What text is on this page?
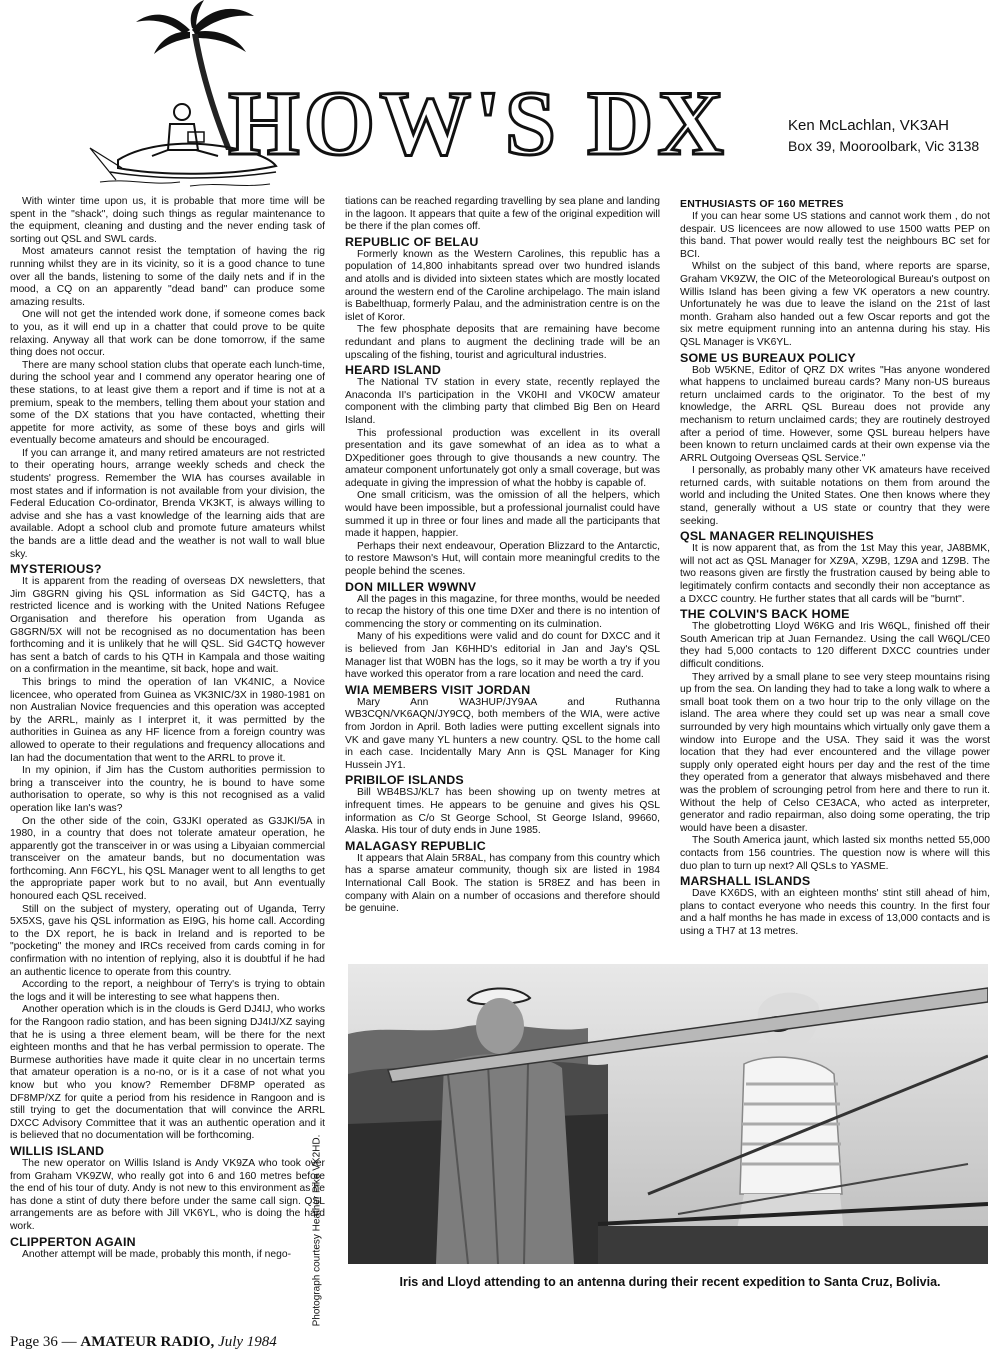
HOW'S DX	Ken McLachlan, VK3AH
Box 39, Mooroolbark, Vic 3138

With winter time upon us, it is probable that more time will be spent in the "shack", doing such things as regular maintenance to the equipment, cleaning and dusting and the never ending task of sorting out QSL and SWL cards.

Most amateurs cannot resist the temptation of having the rig running whilst they are in its vicinity, so it is a good chance to tune over all the bands, listening to some of the daily nets and if in the mood, a CQ on an apparently "dead band" can produce some amazing results.

One will not get the intended work done, if someone comes back to you, as it will end up in a chatter that could prove to be quite relaxing. Anyway all that work can be done tomorrow, if the same thing does not occur.

There are many school station clubs that operate each lunch-time, during the school year and I commend any operator hearing one of these stations, to at least give them a report and if time is not at a premium, speak to the members, telling them about your station and some of the DX stations that you have contacted, whetting their appetite for more activity, as some of these boys and girls will eventually become amateurs and should be encouraged.

If you can arrange it, and many retired amateurs are not restricted to their operating hours, arrange weekly scheds and check the students' progress. Remember the WIA has courses available in most states and if information is not available from your division, the Federal Education Co-ordinator, Brenda VK3KT, is always willing to advise and she has a vast knowledge of the learning aids that are available. Adopt a school club and promote future amateurs whilst the bands are a little dead and the weather is not wall to wall blue sky.

MYSTERIOUS?

It is apparent from the reading of overseas DX newsletters, that Jim G8GRN giving his QSL information as Sid G4CTQ, has a restricted licence and is working with the United Nations Refugee Organisation and therefore his operation from Uganda as G8GRN/5X will not be recognised as no documentation has been forthcoming and it is unlikely that he will QSL. Sid G4CTQ however has sent a batch of cards to his QTH in Kampala and those waiting on a confirmation in the meantime, sit back, hope and wait.

This brings to mind the operation of Ian VK4NIC, a Novice licencee, who operated from Guinea as VK3NIC/3X in 1980-1981 on non Australian Novice frequencies and this operation was accepted by the ARRL, mainly as I interpret it, it was permitted by the authorities in Guinea as any HF licence from a foreign country was allowed to operate to their regulations and frequency allocations and Ian had the documentation that went to the ARRL to prove it.

In my opinion, if Jim has the Custom authorities permission to bring a transceiver into the country, he is bound to have some authorisation to operate, so why is this not recognised as a valid operation like Ian's was?

On the other side of the coin, G3JKI operated as G3JKI/5A in 1980, in a country that does not tolerate amateur operation, he apparently got the transceiver in or was using a Libyaian commercial transceiver on the amateur bands, but no documentation was forthcoming. Ann F6CYL, his QSL Manager went to all lengths to get the appropriate paper work but to no avail, but Ann eventually honoured each QSL received.

Still on the subject of mystery, operating out of Uganda, Terry 5X5XS, gave his QSL information as EI9G, his home call. According to the DX report, he is back in Ireland and is reported to be "pocketing" the money and IRCs received from cards coming in for confirmation with no intention of replying, also it is doubtful if he had an authentic licence to operate from this country.

According to the report, a neighbour of Terry's is trying to obtain the logs and it will be interesting to see what happens then.

Another operation which is in the clouds is Gerd DJ4IJ, who works for the Rangoon radio station, and has been signing DJ4IJ/XZ saying that he is using a three element beam, will be there for the next eighteen months and that he has verbal permission to operate. The Burmese authorities have made it quite clear in no uncertain terms that amateur operation is a no-no, or is it a case of not what you know but who you know? Remember DF8MP operated as DF8MP/XZ for quite a period from his residence in Rangoon and is still trying to get the documentation that will convince the ARRL DXCC Advisory Committee that it was an authentic operation and it is believed that no documentation will be forthcoming.

WILLIS ISLAND

The new operator on Willis Island is Andy VK9ZA who took over from Graham VK9ZW, who really got into 6 and 160 metres before the end of his tour of duty. Andy is not new to this environment as he has done a stint of duty there before under the same call sign. QSL arrangements are as before with Jill VK6YL, who is doing the hard work.

CLIPPERTON AGAIN

Another attempt will be made, probably this month, if nego-

tiations can be reached regarding travelling by sea plane and landing in the lagoon. It appears that quite a few of the original expedition will be there if the plan comes off.

REPUBLIC OF BELAU

Formerly known as the Western Carolines, this republic has a population of 14,800 inhabitants spread over two hundred islands and atolls and is divided into sixteen states which are mostly located around the western end of the Caroline archipelago. The main island is Babelthuap, formerly Palau, and the administration centre is on the islet of Koror.

The few phosphate deposits that are remaining have become redundant and plans to augment the declining trade will be an upscaling of the fishing, tourist and agricultural industries.

HEARD ISLAND

The National TV station in every state, recently replayed the Anaconda II's participation in the VK0HI and VK0CW amateur component with the climbing party that climbed Big Ben on Heard Island.

This professional production was excellent in its overall presentation and its gave somewhat of an idea as to what a DXpeditioner goes through to give thousands a new country. The amateur component unfortunately got only a small coverage, but was adequate in giving the impression of what the hobby is capable of.

One small criticism, was the omission of all the helpers, which would have been impossible, but a professional journalist could have summed it up in three or four lines and made all the participants that made it happen, happier.

Perhaps their next endeavour, Operation Blizzard to the Antarctic, to restore Mawson's Hut, will contain more meaningful credits to the people behind the scenes.

DON MILLER W9WNV

All the pages in this magazine, for three months, would be needed to recap the history of this one time DXer and there is no intention of commencing the story or commenting on its culmination.

Many of his expeditions were valid and do count for DXCC and it is believed from Jan K6HHD's editorial in Jan and Jay's QSL Manager list that W0BN has the logs, so it may be worth a try if you have worked this operator from a rare location and need the card.

WIA MEMBERS VISIT JORDAN

Mary Ann WA3HUP/JY9AA and Ruthanna WB3CQN/VK6AQN/JY9CQ, both members of the WIA, were active from Jordon in April. Both ladies were putting excellent signals into VK and gave many YL hunters a new country. QSL to the home call in each case. Incidentally Mary Ann is QSL Manager for King Hussein JY1.

PRIBILOF ISLANDS

Bill WB4BSJ/KL7 has been showing up on twenty metres at infrequent times. He appears to be genuine and gives his QSL information as C/o St George School, St George Island, 99660, Alaska. His tour of duty ends in June 1985.

MALAGASY REPUBLIC

It appears that Alain 5R8AL, has company from this country which has a sparse amateur community, though six are listed in 1984 International Call Book. The station is 5R8EZ and has been in company with Alain on a number of occasions and therefore should be genuine.

ENTHUSIASTS OF 160 METRES

If you can hear some US stations and cannot work them , do not despair. US licencees are now allowed to use 1500 watts PEP on this band. That power would really test the neighbours BC set for BCI.

Whilst on the subject of this band, where reports are sparse, Graham VK9ZW, the OIC of the Meteorological Bureau's outpost on Willis Island has been giving a few VK operators a new country. Unfortunately he was due to leave the island on the 21st of last month. Graham also handed out a few Oscar reports and got the six metre equipment running into an antenna during his stay. His QSL Manager is VK6YL.

SOME US BUREAUX POLICY

Bob W5KNE, Editor of QRZ DX writes "Has anyone wondered what happens to unclaimed bureau cards? Many non-US bureaus return unclaimed cards to the originator. To the best of my knowledge, the ARRL QSL Bureau does not provide any mechanism to return unclaimed cards; they are routinely destroyed after a period of time. However, some QSL bureau helpers have been known to return unclaimed cards at their own expense via the ARRL Outgoing Overseas QSL Service."

I personally, as probably many other VK amateurs have received returned cards, with suitable notations on them from around the world and including the United States. One then knows where they stand, generally without a US state or country that they were seeking.

QSL MANAGER RELINQUISHES

It is now apparent that, as from the 1st May this year, JA8BMK, will not act as QSL Manager for XZ9A, XZ9B, 1Z9A and 1Z9B. The two reasons given are firstly the frustration caused by being able to legitimately confirm contacts and secondly their non acceptance as a DXCC country. He further states that all cards will be "burnt".

THE COLVIN'S BACK HOME

The globetrotting Lloyd W6KG and Iris W6QL, finished off their South American trip at Juan Fernandez. Using the call W6QL/CE0 they had 5,000 contacts to 120 different DXCC countries under difficult conditions.

They arrived by a small plane to see very steep mountains rising up from the sea. On landing they had to take a long walk to where a small boat took them on a two hour trip to the only village on the island. The area where they could set up was near a small cove surrounded by very high mountains which virtually only gave them a window into Europe and the USA. They said it was the worst location that they had ever encountered and the village power supply only operated eight hours per day and the rest of the time they operated from a generator that always misbehaved and there was the problem of scrounging petrol from here and there to run it. Without the help of Celso CE3ACA, who acted as interpreter, generator and radio repairman, also doing some operating, the trip would have been a disaster.

The South America jaunt, which lasted six months netted 55,000 contacts from 156 countries. The question now is where will this duo plan to turn up next? All QSLs to YASME.

MARSHALL ISLANDS

Dave KX6DS, with an eighteen months' stint still ahead of him, plans to contact everyone who needs this country. In the first four and a half months he has made in excess of 13,000 contacts and is using a TH7 at 13 metres.

Photograph courtesy Heather Pike VK2HD.	Iris and Lloyd attending to an antenna during their recent expedition to Santa Cruz, Bolivia.
Page 36 — AMATEUR RADIO, July 1984
